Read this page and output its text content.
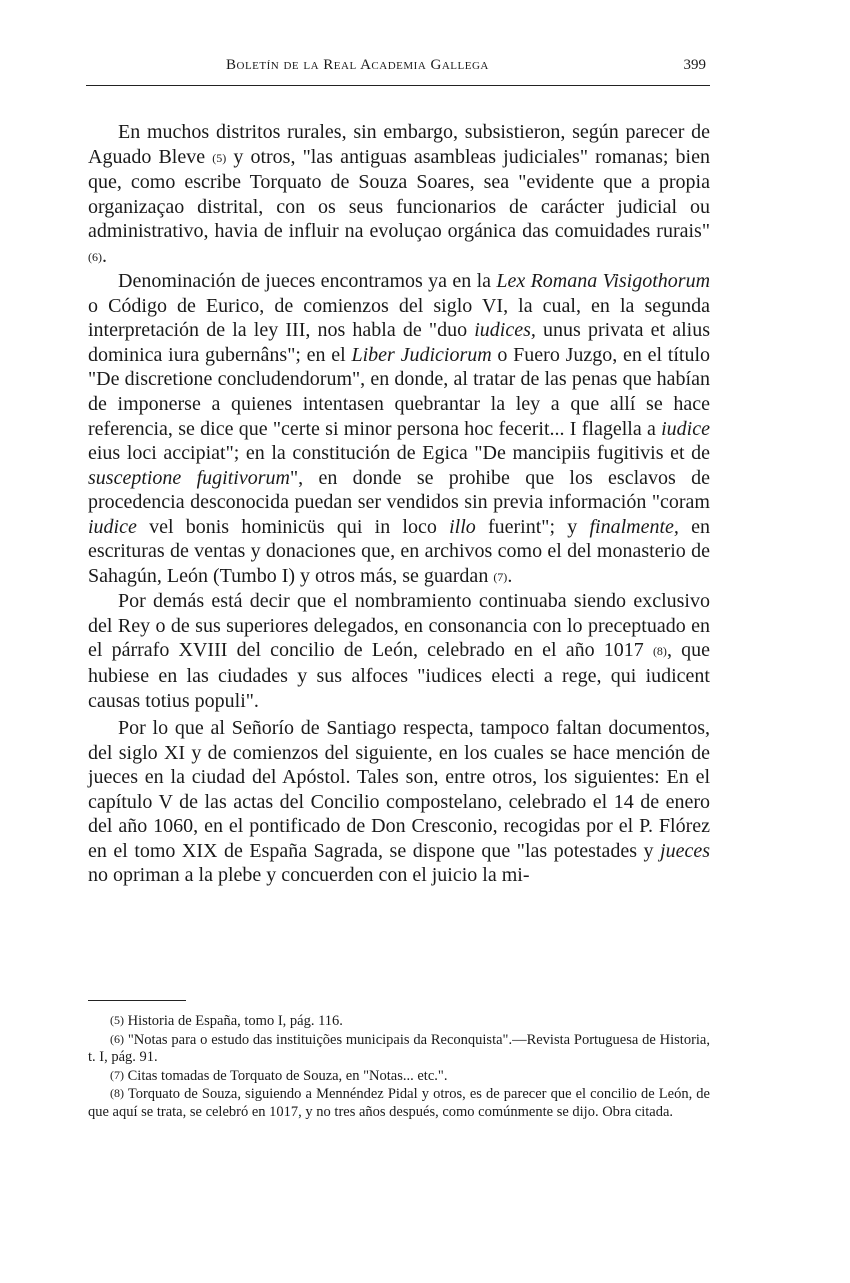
Boletín de la Real Academia Gallega	399

En muchos distritos rurales, sin embargo, subsistieron, según parecer de Aguado Bleve (5) y otros, "las antiguas asambleas judiciales" romanas; bien que, como escribe Torquato de Souza Soares, sea "evidente que a propia organizaçao distrital, con os seus funcionarios de carácter judicial ou administrativo, havia de influir na evoluçao orgánica das comuidades rurais" (6).

Denominación de jueces encontramos ya en la Lex Romana Visigothorum o Código de Eurico, de comienzos del siglo VI, la cual, en la segunda interpretación de la ley III, nos habla de "duo iudices, unus privata et alius dominica iura gubernâns"; en el Liber Judiciorum o Fuero Juzgo, en el título "De discretione concludendorum", en donde, al tratar de las penas que habían de imponerse a quienes intentasen quebrantar la ley a que allí se hace referencia, se dice que "certe si minor persona hoc fecerit... I flagella a iudice eius loci accipiat"; en la constitución de Egica "De mancipiis fugitivis et de susceptione fugitivorum", en donde se prohibe que los esclavos de procedencia desconocida puedan ser vendidos sin previa información "coram iudice vel bonis hominicüs qui in loco illo fuerint"; y finalmente, en escrituras de ventas y donaciones que, en archivos como el del monasterio de Sahagún, León (Tumbo I) y otros más, se guardan (7).

Por demás está decir que el nombramiento continuaba siendo exclusivo del Rey o de sus superiores delegados, en consonancia con lo preceptuado en el párrafo XVIII del concilio de León, celebrado en el año 1017 (8), que hubiese en las ciudades y sus alfoces "iudices electi a rege, qui iudicent causas totius populi".

Por lo que al Señorío de Santiago respecta, tampoco faltan documentos, del siglo XI y de comienzos del siguiente, en los cuales se hace mención de jueces en la ciudad del Apóstol. Tales son, entre otros, los siguientes: En el capítulo V de las actas del Concilio compostelano, celebrado el 14 de enero del año 1060, en el pontificado de Don Cresconio, recogidas por el P. Flórez en el tomo XIX de España Sagrada, se dispone que "las potestades y jueces no opriman a la plebe y concuerden con el juicio la mi-

(5) Historia de España, tomo I, pág. 116.

(6) "Notas para o estudo das instituições municipais da Reconquista".—Revista Portuguesa de Historia, t. I, pág. 91.

(7) Citas tomadas de Torquato de Souza, en "Notas... etc.".

(8) Torquato de Souza, siguiendo a Mennéndez Pidal y otros, es de parecer que el concilio de León, de que aquí se trata, se celebró en 1017, y no tres años después, como comúnmente se dijo. Obra citada.
